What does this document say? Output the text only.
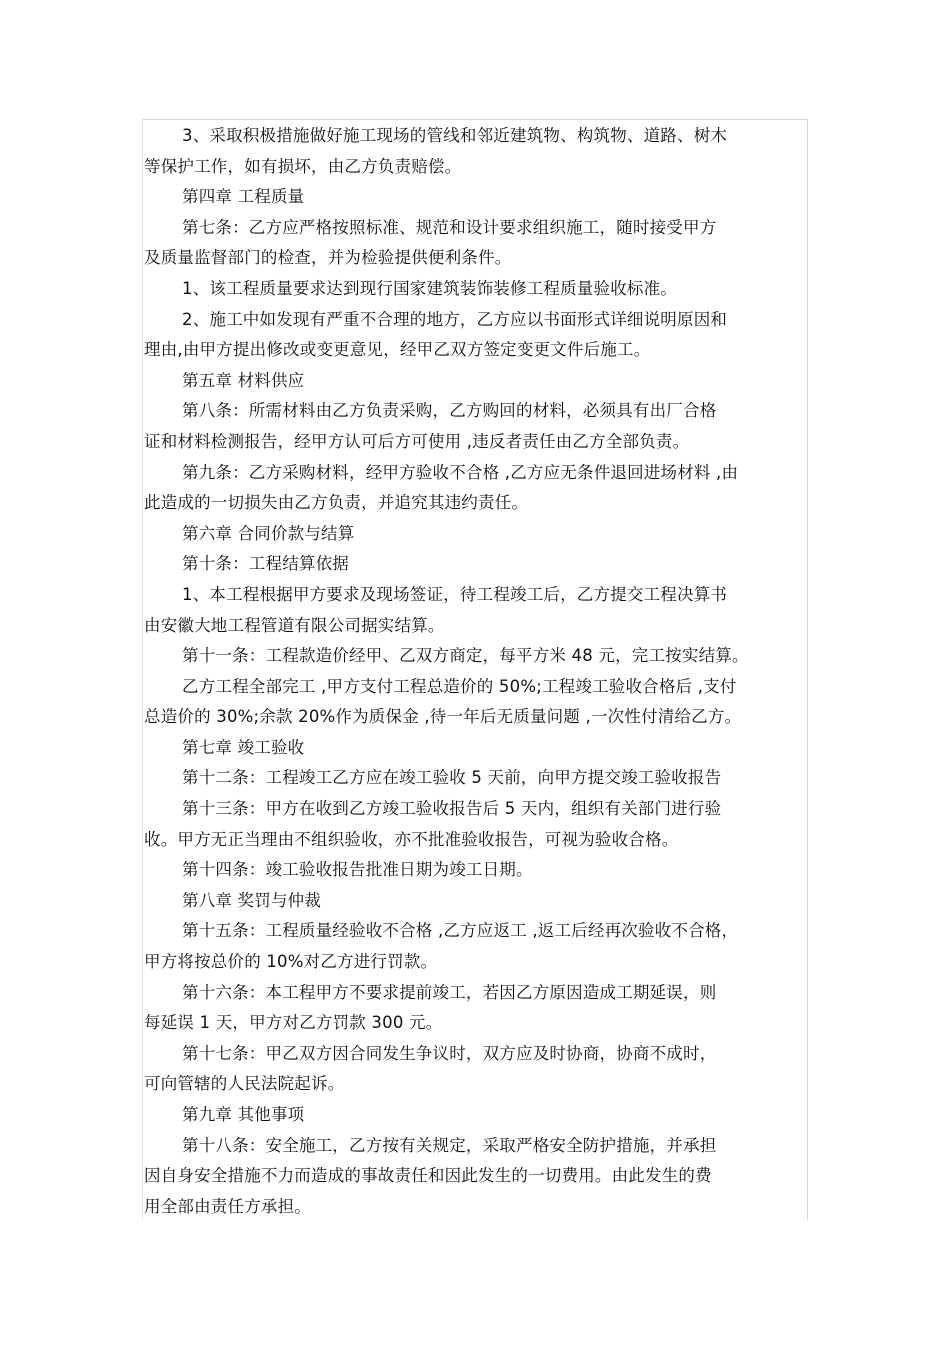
3、采取积极措施做好施工现场的管线和邻近建筑物、构筑物、道路、树木
等保护工作，如有损坏，由乙方负责赔偿。
第四章 工程质量
第七条：乙方应严格按照标准、规范和设计要求组织施工，随时接受甲方
及质量监督部门的检查，并为检验提供便利条件。
1、该工程质量要求达到现行国家建筑装饰装修工程质量验收标准。
2、施工中如发现有严重不合理的地方，乙方应以书面形式详细说明原因和
理由,由甲方提出修改或变更意见，经甲乙双方签定变更文件后施工。
第五章 材料供应
第八条：所需材料由乙方负责采购，乙方购回的材料，必须具有出厂合格
证和材料检测报告，经甲方认可后方可使用 ,违反者责任由乙方全部负责。
第九条：乙方采购材料，经甲方验收不合格 ,乙方应无条件退回进场材料 ,由
此造成的一切损失由乙方负责，并追究其违约责任。
第六章 合同价款与结算
第十条：工程结算依据
1、本工程根据甲方要求及现场签证，待工程竣工后，乙方提交工程决算书
由安徽大地工程管道有限公司据实结算。
第十一条：工程款造价经甲、乙双方商定，每平方米 48 元，完工按实结算。
乙方工程全部完工 ,甲方支付工程总造价的 50%;工程竣工验收合格后 ,支付
总造价的 30%;余款 20%作为质保金 ,待一年后无质量问题 ,一次性付清给乙方。
第七章 竣工验收
第十二条：工程竣工乙方应在竣工验收 5 天前，向甲方提交竣工验收报告
第十三条：甲方在收到乙方竣工验收报告后 5 天内，组织有关部门进行验
收。甲方无正当理由不组织验收，亦不批准验收报告，可视为验收合格。
第十四条：竣工验收报告批准日期为竣工日期。
第八章 奖罚与仲裁
第十五条：工程质量经验收不合格 ,乙方应返工 ,返工后经再次验收不合格，
甲方将按总价的 10%对乙方进行罚款。
第十六条：本工程甲方不要求提前竣工，若因乙方原因造成工期延误，则
每延误 1 天，甲方对乙方罚款 300 元。
第十七条：甲乙双方因合同发生争议时，双方应及时协商，协商不成时，
可向管辖的人民法院起诉。
第九章 其他事项
第十八条：安全施工，乙方按有关规定，采取严格安全防护措施，并承担
因自身安全措施不力而造成的事故责任和因此发生的一切费用。由此发生的费
用全部由责任方承担。
